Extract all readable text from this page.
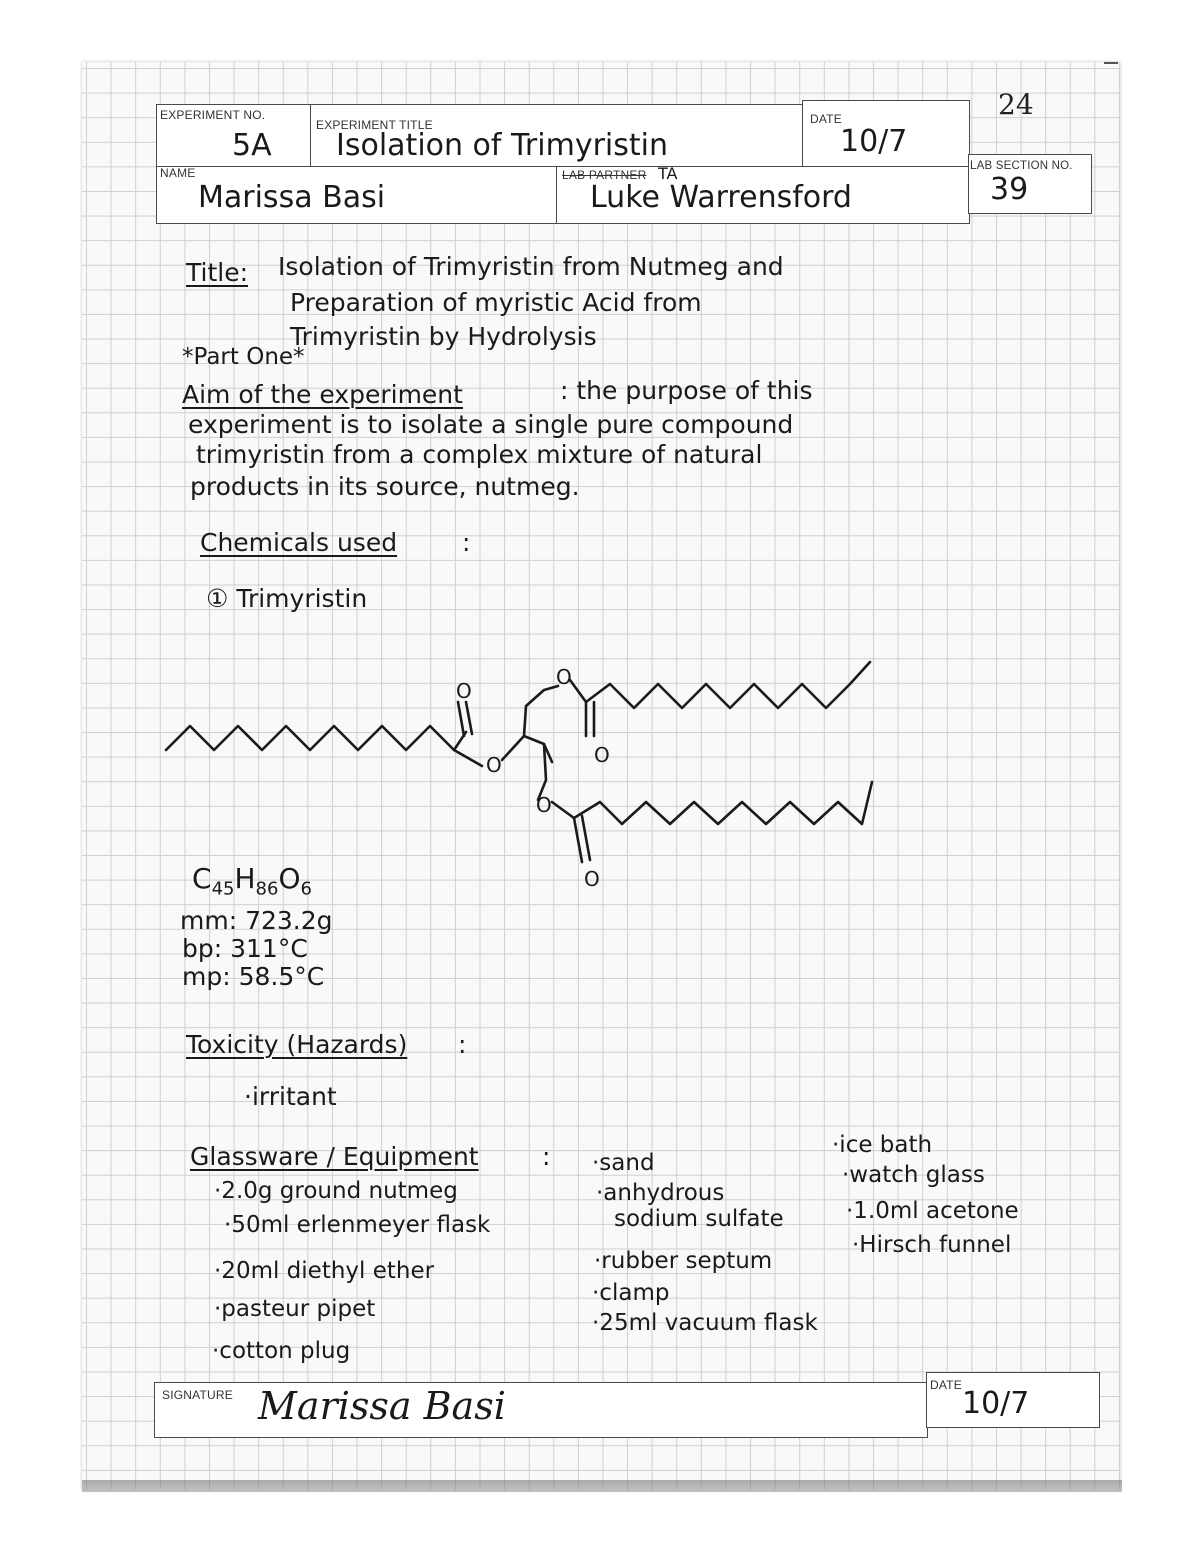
24
EXPERIMENT NO.
5A
EXPERIMENT TITLE
Isolation of Trimyristin
DATE
10/7
NAME
Marissa Basi
LAB PARTNER TA
Luke Warrensford
LAB SECTION NO.
39
Title: Isolation of Trimyristin from Nutmeg and
Preparation of myristic Acid from
Trimyristin by Hydrolysis
*Part One*
Aim of the experiment	: the purpose of this
experiment is to isolate a single pure compound
trimyristin from a complex mixture of natural
products in its source, nutmeg.
Chemicals used	:
① Trimyristin
O
O
O
O
O
O
$C_{45}H_{86}O_6$
mm: 723.2g
bp: 311°C
mp: 58.5°C
Toxicity (Hazards) :
·irritant
Glassware / Equipment	:
·2.0g ground nutmeg
·50ml erlenmeyer flask
·20ml diethyl ether
·pasteur pipet
·cotton plug
·sand
·anhydrous
sodium sulfate
·rubber septum
·clamp
·25ml vacuum flask
·ice bath
·watch glass
·1.0ml acetone
·Hirsch funnel
SIGNATURE Marissa Basi	DATE
10/7
